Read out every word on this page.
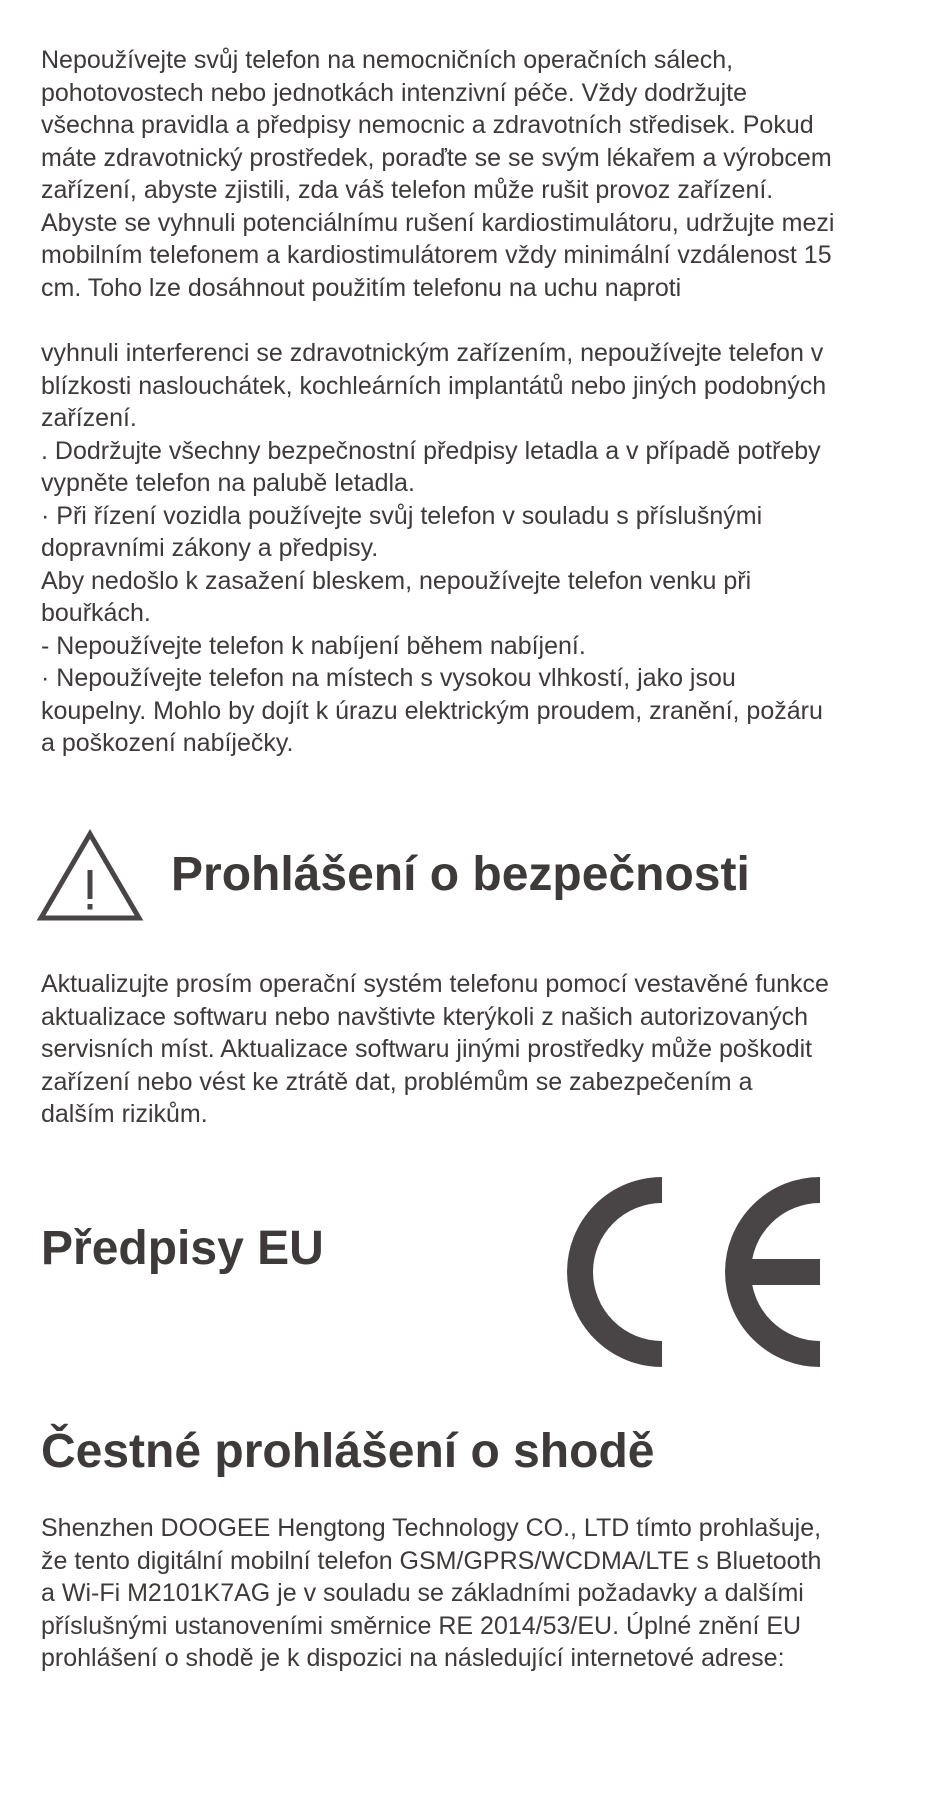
Nepoužívejte svůj telefon na nemocničních operačních sálech,
pohotovostech nebo jednotkách intenzivní péče. Vždy dodržujte
všechna pravidla a předpisy nemocnic a zdravotních středisek. Pokud
máte zdravotnický prostředek, poraďte se se svým lékařem a výrobcem
zařízení, abyste zjistili, zda váš telefon může rušit provoz zařízení.
Abyste se vyhnuli potenciálnímu rušení kardiostimulátoru, udržujte mezi
mobilním telefonem a kardiostimulátorem vždy minimální vzdálenost 15
cm. Toho lze dosáhnout použitím telefonu na uchu naproti

vyhnuli interferenci se zdravotnickým zařízením, nepoužívejte telefon v
blízkosti naslouchátek, kochleárních implantátů nebo jiných podobných
zařízení.
. Dodržujte všechny bezpečnostní předpisy letadla a v případě potřeby
vypněte telefon na palubě letadla.
· Při řízení vozidla používejte svůj telefon v souladu s příslušnými
dopravními zákony a předpisy.
Aby nedošlo k zasažení bleskem, nepoužívejte telefon venku při
bouřkách.
- Nepoužívejte telefon k nabíjení během nabíjení.
· Nepoužívejte telefon na místech s vysokou vlhkostí, jako jsou
koupelny. Mohlo by dojít k úrazu elektrickým proudem, zranění, požáru
a poškození nabíječky.

Prohlášení o bezpečnosti

Aktualizujte prosím operační systém telefonu pomocí vestavěné funkce
aktualizace softwaru nebo navštivte kterýkoli z našich autorizovaných
servisních míst. Aktualizace softwaru jinými prostředky může poškodit
zařízení nebo vést ke ztrátě dat, problémům se zabezpečením a
dalším rizikům.

Předpisy EU
Čestné prohlášení o shodě

Shenzhen DOOGEE Hengtong Technology CO., LTD tímto prohlašuje,
že tento digitální mobilní telefon GSM/GPRS/WCDMA/LTE s Bluetooth
a Wi-Fi M2101K7AG je v souladu se základními požadavky a dalšími
příslušnými ustanoveními směrnice RE 2014/53/EU. Úplné znění EU
prohlášení o shodě je k dispozici na následující internetové adrese:
